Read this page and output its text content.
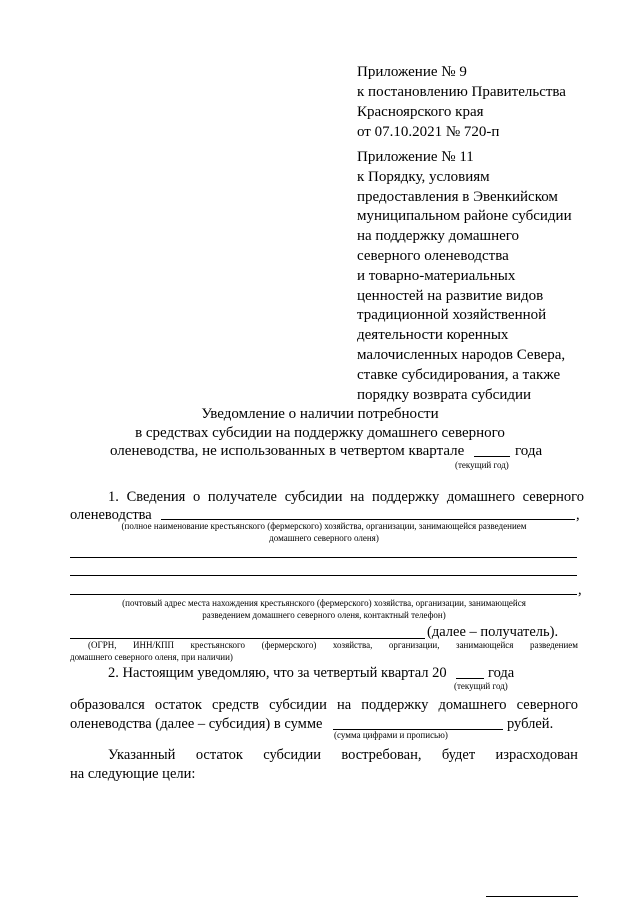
Приложение № 9
к постановлению Правительства
Красноярского края
от 07.10.2021 № 720-п
Приложение № 11
к Порядку, условиям
предоставления в Эвенкийском
муниципальном районе субсидии
на поддержку домашнего
северного оленеводства
и товарно-материальных
ценностей на развитие видов
традиционной хозяйственной
деятельности коренных
малочисленных народов Севера,
ставке субсидирования, а также
порядку возврата субсидии
Уведомление о наличии потребности
в средствах субсидии на поддержку домашнего северного
оленеводства, не использованных в четвертом квартале	года
(текущий год)
1. Сведения о получателе субсидии на поддержку домашнего северного
оленеводства	,
(полное наименование крестьянского (фермерского) хозяйства, организации, занимающейся разведением
домашнего северного оленя)
,
(почтовый адрес места нахождения крестьянского (фермерского) хозяйства, организации, занимающейся
разведением домашнего северного оленя, контактный телефон)
(далее – получатель).
(ОГРН, ИНН/КПП крестьянского (фермерского) хозяйства, организации, занимающейся разведением
домашнего северного оленя, при наличии)
2. Настоящим уведомляю, что за четвертый квартал 20	года
(текущий год)
образовался остаток средств субсидии на поддержку домашнего северного
оленеводства (далее – субсидия) в сумме	рублей.
(сумма цифрами и прописью)
Указанный остаток субсидии востребован, будет израсходован
на следующие цели:
